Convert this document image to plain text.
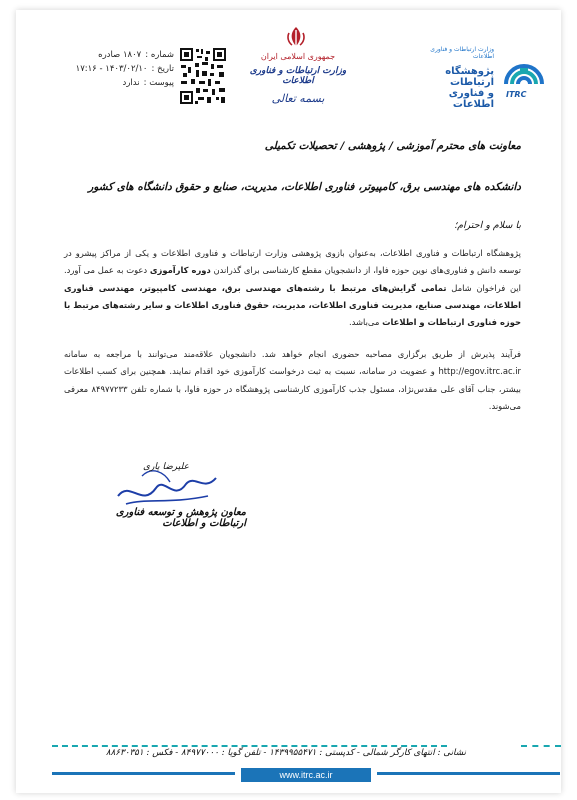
شماره :
۱۸۰۷ صادره
تاریخ :
۱۴۰۳/۰۲/۱۰ - ۱۷:۱۶
پیوست :
ندارد
جمهوری اسلامی ایران
وزارت ارتباطات و فناوری اطلاعات
بسمه تعالی
وزارت ارتباطات و فناوری اطلاعات
پژوهشگاه ارتباطات
و فناوری اطلاعات
ITRC
معاونت های محترم آموزشی / پژوهشی / تحصیلات تکمیلی
دانشکده های مهندسی برق، کامپیوتر، فناوری اطلاعات، مدیریت، صنایع و حقوق دانشگاه های کشور
با سلام و احترام؛
پژوهشگاه ارتباطات و فناوری اطلاعات، به‌عنوان بازوی پژوهشی وزارت ارتباطات و فناوری اطلاعات و یکی از مراکز پیشرو در توسعه دانش و فناوری‌های نوین حوزه فاوا، از دانشجویان مقطع کارشناسی برای گذراندن دوره کارآموزی دعوت به عمل می آورد. این فراخوان شامل تمامی گرایش‌های مرتبط با رشته‌های مهندسی برق، مهندسی کامپیوتر، مهندسی فناوری اطلاعات، مهندسی صنایع، مدیریت فناوری اطلاعات، مدیریت، حقوق فناوری اطلاعات و سایر رشته‌های مرتبط با حوزه فناوری ارتباطات و اطلاعات می‌باشد.
فرآیند پذیرش از طریق برگزاری مصاحبه حضوری انجام خواهد شد. دانشجویان علاقه‌مند می‌توانند با مراجعه به سامانه http://egov.itrc.ac.ir و عضویت در سامانه، نسبت به ثبت درخواست کارآموزی خود اقدام نمایند. همچنین برای کسب اطلاعات بیشتر، جناب آقای علی مقدس‌نژاد، مسئول جذب کارآموزی کارشناسی پژوهشگاه در حوزه فاوا، با شماره تلفن ۸۴۹۷۷۲۳۳ معرفی می‌شوند.
علیرضا یاری
معاون پژوهش و توسعه فناوری ارتباطات و اطلاعات
نشانی : انتهای کارگر شمالی - کدپستی : ۱۴۳۹۹۵۵۴۷۱ - تلفن گویا : ۸۴۹۷۷۰۰۰ - فکس : ۸۸۶۳۰۳۵۱
www.itrc.ac.ir
